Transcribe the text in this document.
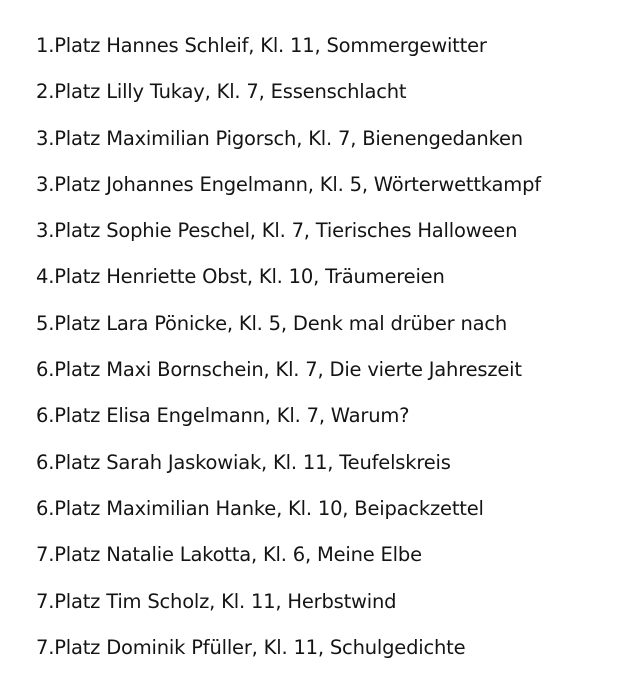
1.Platz Hannes Schleif, Kl. 11, Sommergewitter
2.Platz Lilly Tukay, Kl. 7, Essenschlacht
3.Platz Maximilian Pigorsch, Kl. 7, Bienengedanken
3.Platz Johannes Engelmann, Kl. 5, Wörterwettkampf
3.Platz Sophie Peschel, Kl. 7, Tierisches Halloween
4.Platz Henriette Obst, Kl. 10, Träumereien
5.Platz Lara Pönicke, Kl. 5, Denk mal drüber nach
6.Platz Maxi Bornschein, Kl. 7, Die vierte Jahreszeit
6.Platz Elisa Engelmann, Kl. 7, Warum?
6.Platz Sarah Jaskowiak, Kl. 11, Teufelskreis
6.Platz Maximilian Hanke, Kl. 10, Beipackzettel
7.Platz Natalie Lakotta, Kl. 6, Meine Elbe
7.Platz Tim Scholz, Kl. 11, Herbstwind
7.Platz Dominik Pfüller, Kl. 11, Schulgedichte
